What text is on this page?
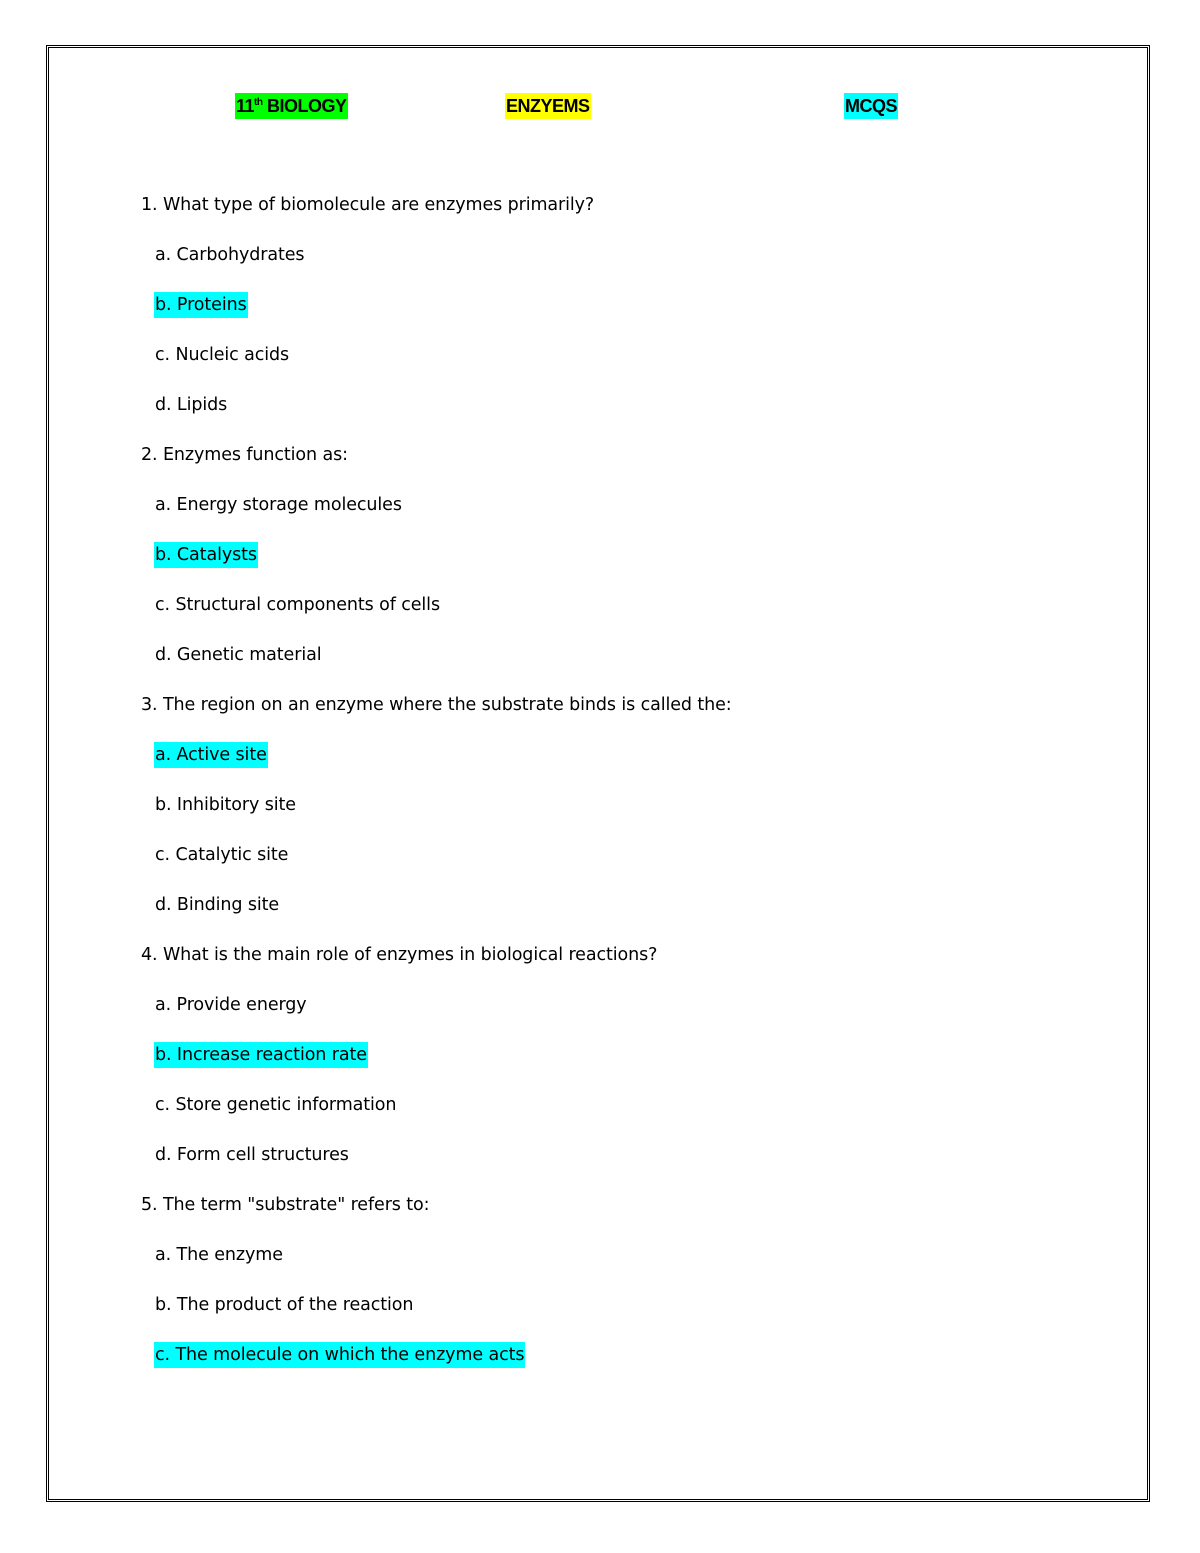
11th BIOLOGY	ENZYEMS	MCQS
1. What type of biomolecule are enzymes primarily?
a. Carbohydrates
b. Proteins
c. Nucleic acids
d. Lipids
2. Enzymes function as:
a. Energy storage molecules
b. Catalysts
c. Structural components of cells
d. Genetic material
3. The region on an enzyme where the substrate binds is called the:
a. Active site
b. Inhibitory site
c. Catalytic site
d. Binding site
4. What is the main role of enzymes in biological reactions?
a. Provide energy
b. Increase reaction rate
c. Store genetic information
d. Form cell structures
5. The term "substrate" refers to:
a. The enzyme
b. The product of the reaction
c. The molecule on which the enzyme acts
